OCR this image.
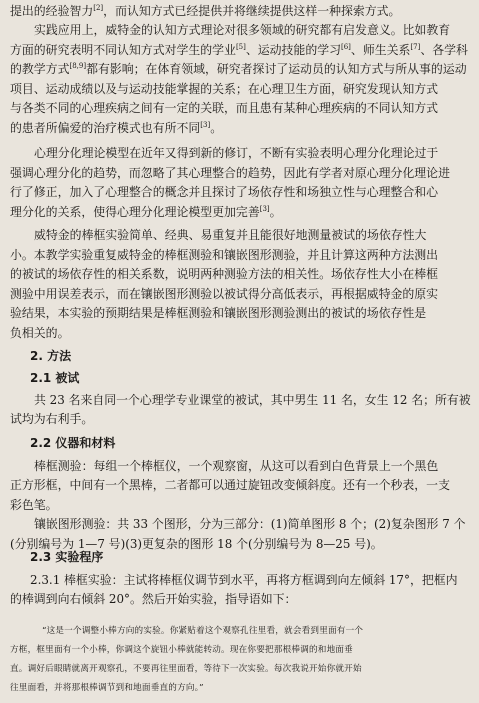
提出的经验智力[2]，而认知方式已经提供并将继续提供这样一种探索方式。
实践应用上，威特金的认知方式理论对很多领域的研究都有启发意义。比如教育
方面的研究表明不同认知方式对学生的学业[5]、运动技能的学习[6]、师生关系[7]、各学科
的教学方式[8,9]都有影响；在体育领域，研究者探讨了运动员的认知方式与所从事的运动
项目、运动成绩以及与运动技能掌握的关系；在心理卫生方面，研究发现认知方式
与各类不同的心理疾病之间有一定的关联，而且患有某种心理疾病的不同认知方式
的患者所偏爱的治疗模式也有所不同[3]。
心理分化理论模型在近年又得到新的修订，不断有实验表明心理分化理论过于
强调心理分化的趋势，而忽略了其心理整合的趋势，因此有学者对原心理分化理论进
行了修正，加入了心理整合的概念并且探讨了场依存性和场独立性与心理整合和心
理分化的关系，使得心理分化理论模型更加完善[3]。
威特金的棒框实验简单、经典、易重复并且能很好地测量被试的场依存性大
小。本教学实验重复威特金的棒框测验和镶嵌图形测验，并且计算这两种方法测出
的被试的场依存性的相关系数，说明两种测验方法的相关性。场依存性大小在棒框
测验中用误差表示，而在镶嵌图形测验以被试得分高低表示，再根据威特金的原实
验结果，本实验的预期结果是棒框测验和镶嵌图形测验测出的被试的场依存性是
负相关的。
2. 方法
2.1 被试
共 23 名来自同一个心理学专业课堂的被试，其中男生 11 名，女生 12 名；所有被
试均为右利手。
2.2 仪器和材料
棒框测验：每组一个棒框仪，一个观察窗，从这可以看到白色背景上一个黑色
正方形框，中间有一个黑棒，二者都可以通过旋钮改变倾斜度。还有一个秒表，一支
彩色笔。
镶嵌图形测验：共 33 个图形，分为三部分：(1)简单图形 8 个；(2)复杂图形 7 个
(分别编号为 1—7 号)(3)更复杂的图形 18 个(分别编号为 8—25 号)。
2.3 实验程序
2.3.1 棒框实验：主试将棒框仪调节到水平，再将方框调到向左倾斜 17°，把框内
的棒调到向右倾斜 20°。然后开始实验，指导语如下：
“这是一个调整小棒方向的实验。你紧贴着这个观察孔往里看，就会看到里面有一个
方框，框里面有一个小棒，你调这个旋钮小棒就能转动。现在你要把那根棒调的和地面垂
直。调好后眼睛就离开观察孔，不要再往里面看，等待下一次实验。每次我说开始你就开始
往里面看，并将那根棒调节到和地面垂直的方向。”
